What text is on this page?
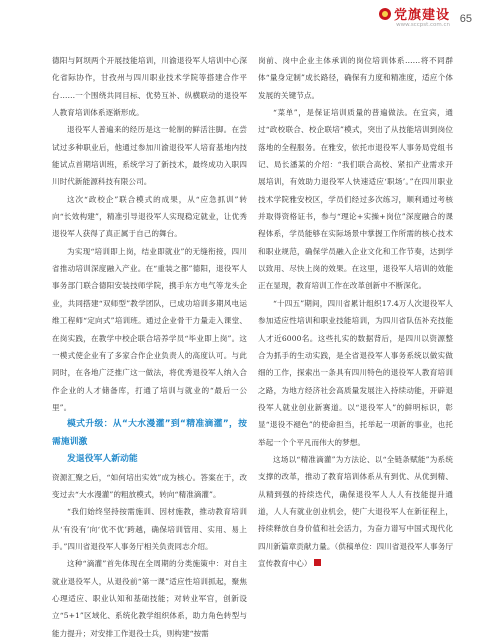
党旗建设
www.sccpst.com.cn 65

德阳与阿坝两个开展技能培训，川渝退役军人培训中心深化省际协作，甘孜州与四川职业技术学院等搭建合作平台……一个围绕共同目标、优势互补、纵横联动的退役军人教育培训体系逐渐形成。

退役军人普遍来的经历是这一轮制的鲜活注脚。在尝试过多种职业后，他通过参加川渝退役军人培育基地内技能试点首期培训班，系统学习了新技术，最终成功入职四川时代新能源科技有限公司。

这次“政校企”联合模式的成果，从“应急抓训”转向“长效构建”，精准引导退役军人实现稳定就业，让优秀退役军人获得了真正属于自己的舞台。

为实现“培训即上岗，结业即就业”的无缝衔接，四川省推动培训深度融入产业。在“重装之都”德阳，退役军人事务部门联合德阳安装技师学院，携手东方电气等龙头企业，共同搭建“双师型”教学团队，已成功培训多期风电运维工程师“定向式”培训班。通过企业骨干力量走入课堂、在岗实践，在教学中校企联合培养学员“毕业即上岗”。这一模式使企业有了多家合作企业负责人的高度认可。与此同时，在各地广泛推广这一做法，将优秀退役军人纳入合作企业的人才储备库，打通了培训与就业的“最后一公里”。

模式升级：从“大水漫灌”到“精准滴灌”，按需施训激

发退役军人新动能

资源汇聚之后，“如何培出实效”成为核心。答案在于，改变过去“大水漫灌”的粗放模式，转向“精准滴灌”。

“我们始终坚持按需施训、因材施教，推动教育培训从‘有没有’向‘优不优’跨越，确保培训管用、实用、易上手。”四川省退役军人事务厅相关负责同志介绍。

这种“滴灌”首先体现在全周期的分类施策中：对自主就业退役军人，从退役前“第一课”适应性培训抓起，聚焦心理适应、职业认知和基础技能；对转业军官，创新设立“5+1”区域化、系统化教学组织体系，助力角色转型与能力提升；对安排工作退役士兵，则构建“按需

岗前、岗中企业主体承训的岗位培训体系……将不同群体“量身定制”成长路径，确保有力度和精准度，适应个体发展的关键节点。

“菜单”，是保证培训质量的普遍做法。在宜宾，通过“政校联合、校企联培”模式，突出了从技能培训到岗位落地的全程服务。在雅安，依托市退役军人事务局党组书记、局长潘某的介绍：“我们联合高校、紧扣产业需求开展培训，有效助力退役军人快速适应‘职场’。”在四川职业技术学院雅安校区，学员们经过多次练习，顺利通过考核并取得资格证书，参与“理论+实操+岗位”深度融合的课程体系，学员能够在实际场景中掌握工作所需的核心技术和职业规范，确保学员融入企业文化和工作节奏，达到学以致用、尽快上岗的效果。在这里，退役军人培训的效能正在显现，教育培训工作在改革创新中不断深化。

“十四五”期间，四川省累计组织17.4万人次退役军人参加适应性培训和职业技能培训，为四川省队伍补充技能人才近6000名。这些扎实的数据背后，是四川以资源整合为抓手的生动实践，是全省退役军人事务系统以做实做细的工作，探索出一条具有四川特色的退役军人教育培训之路，为地方经济社会高质量发展注入持续动能，开辟退役军人就业创业新赛道。以“退役军人”的鲜明标识，彰显“退役不褪色”的使命担当，托举起一项新的事业，也托举起一个个平凡而伟大的梦想。

这场以“精准滴灌”为方法论、以“全链条赋能”为系统支撑的改革，推动了教育培训体系从有到优、从优到精、从精到强的持续迭代，确保退役军人人人有技能提升通道，人人有就业创业机会，使广大退役军人在新征程上，持续释放自身价值和社会活力，为奋力谱写中国式现代化四川新篇章贡献力量。（供稿单位：四川省退役军人事务厅宣传教育中心）
